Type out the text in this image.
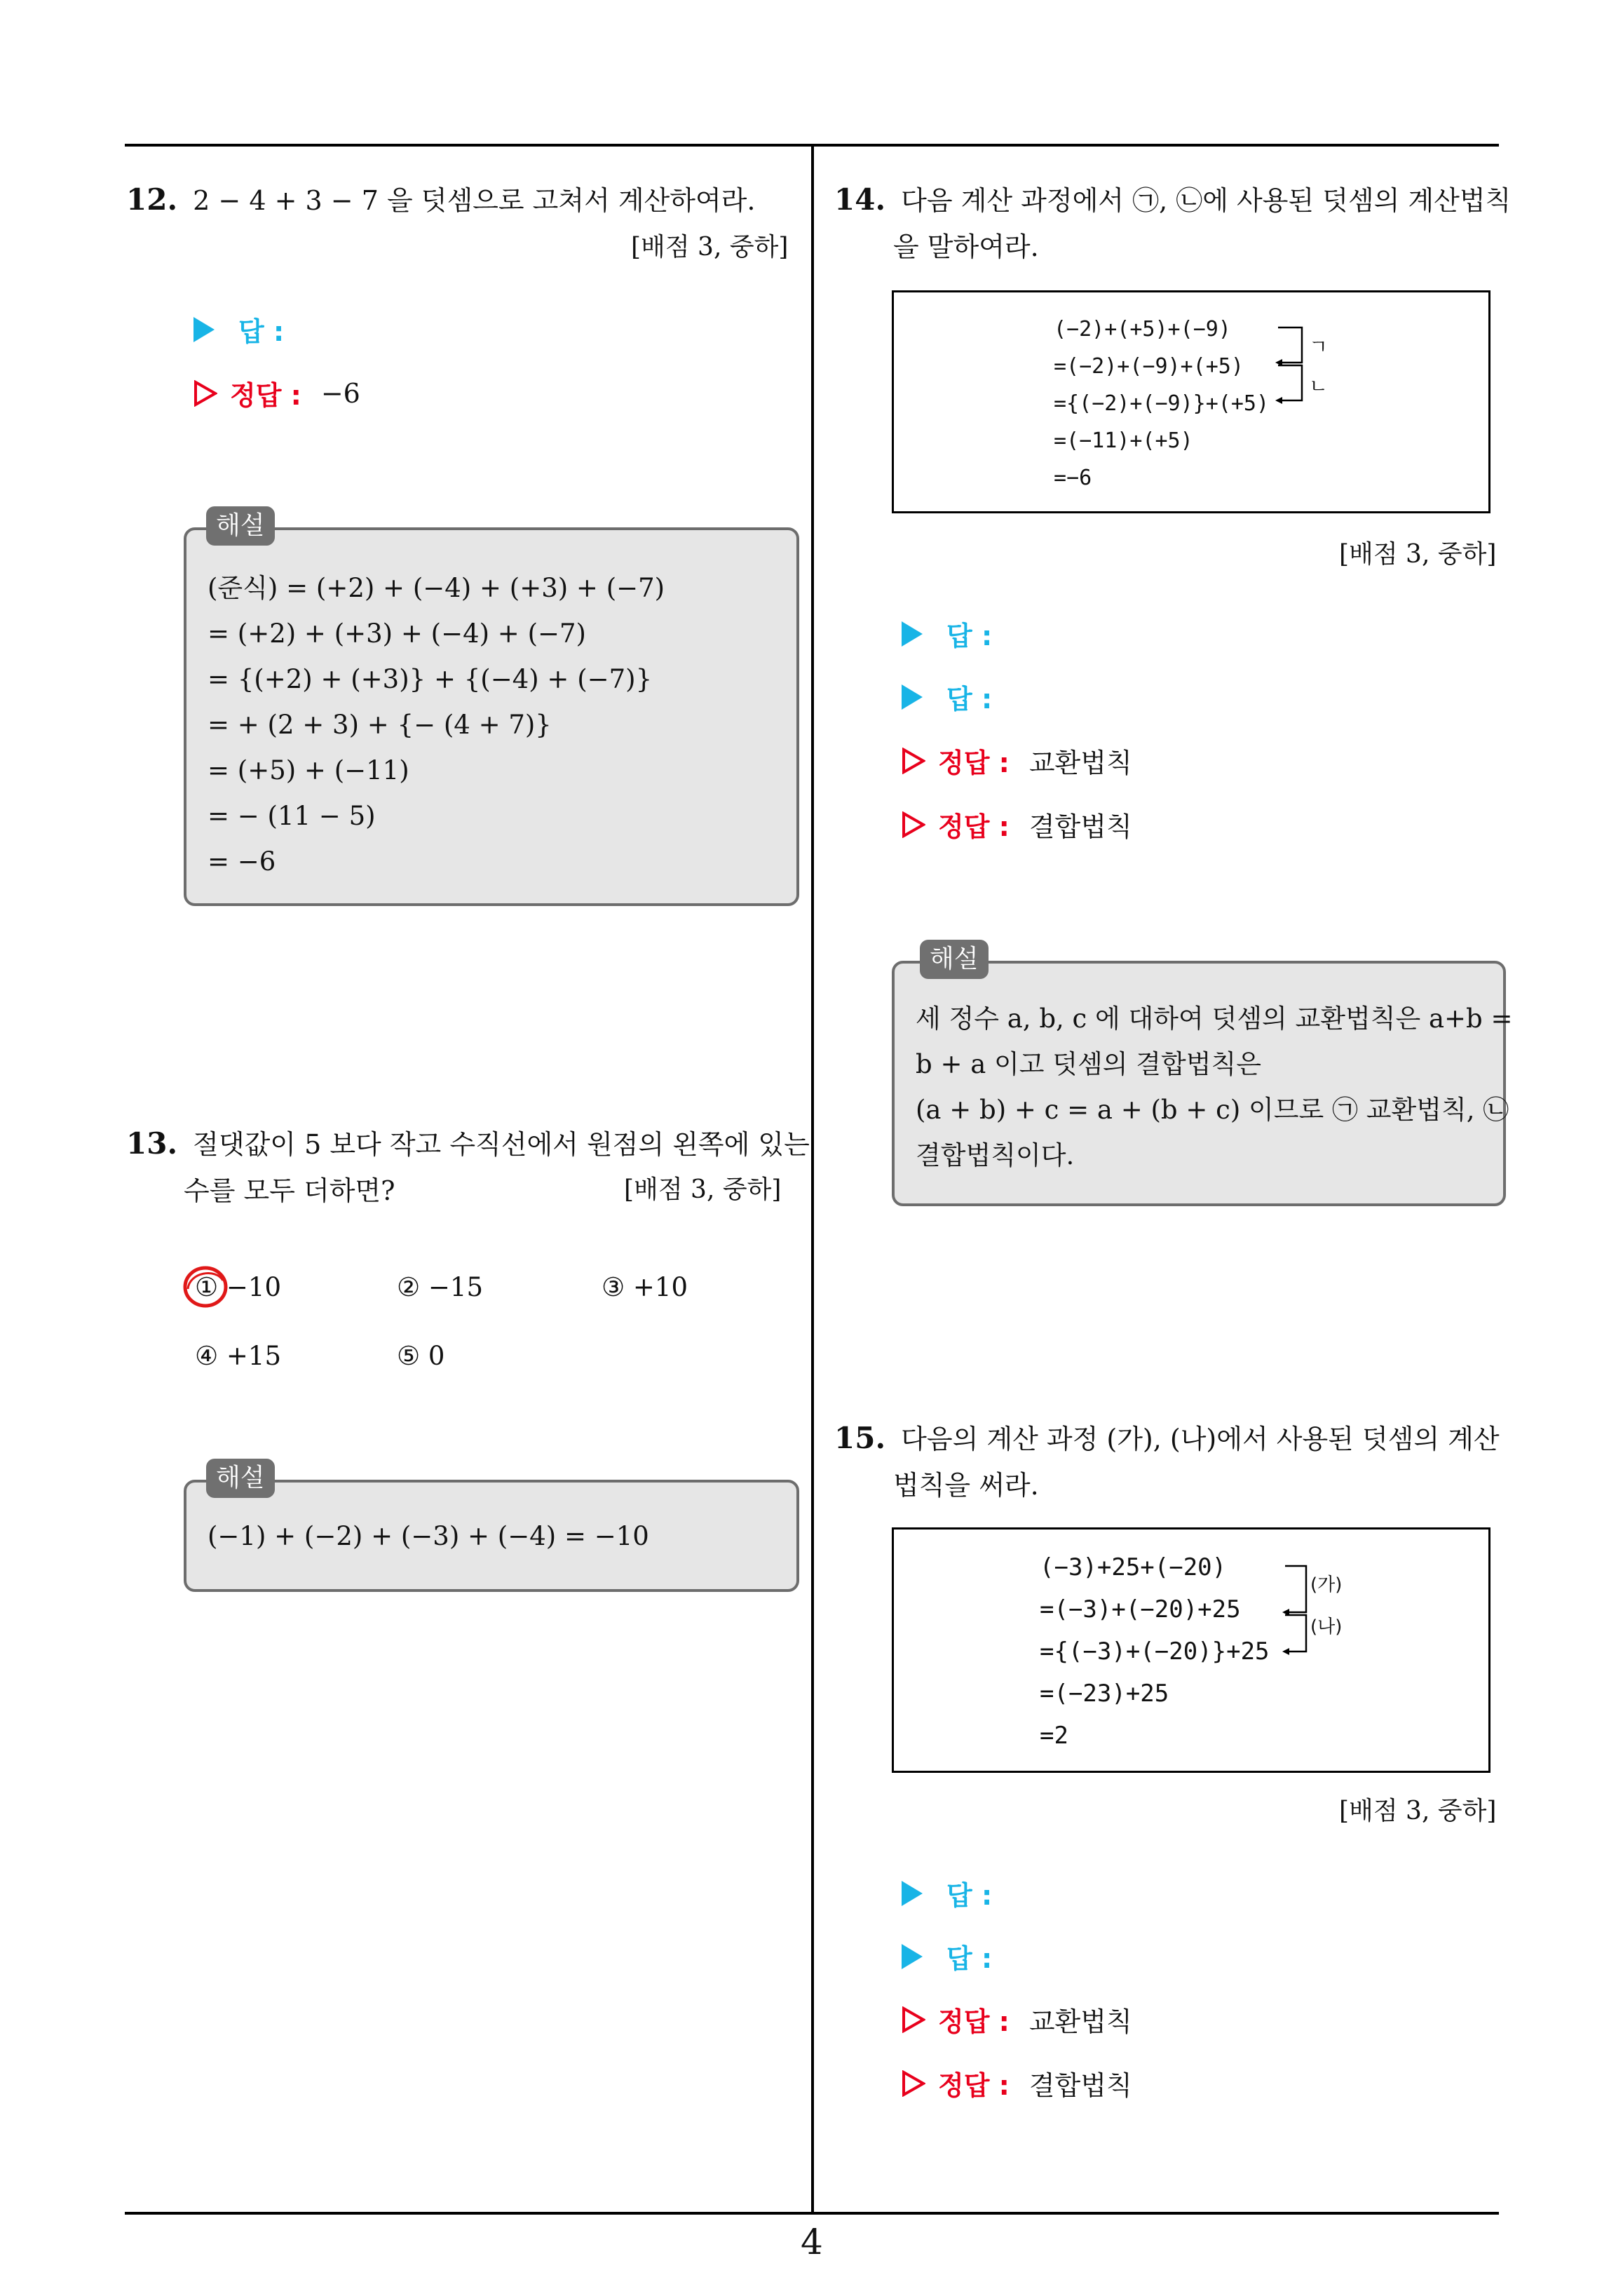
4
12. 2 − 4 + 3 − 7 을 덧셈으로 고쳐서 계산하여라.
[배점 3, 중하]
답 :
정답 : −6
(준식) = (+2) + (−4) + (+3) + (−7)
= (+2) + (+3) + (−4) + (−7)
= {(+2) + (+3)} + {(−4) + (−7)}
= + (2 + 3) + {− (4 + 7)}
= (+5) + (−11)
= − (11 − 5)
= −6
해설
13. 절댓값이 5 보다 작고 수직선에서 원점의 왼쪽에 있는
수를 모두 더하면?	[배점 3, 중하]
① −10	② −15	③ +10
④ +15	⑤ 0
(−1) + (−2) + (−3) + (−4) = −10
해설
14. 다음 계산 과정에서 ㉠, ㉡에 사용된 덧셈의 계산법칙
을 말하여라.
(−2)+(+5)+(−9)
=(−2)+(−9)+(+5)
={(−2)+(−9)}+(+5)
=(−11)+(+5)
=−6
ㄱ
ㄴ
[배점 3, 중하]
답 :
답 :
정답 : 교환법칙
정답 : 결합법칙
세 정수 a, b, c 에 대하여 덧셈의 교환법칙은 a+b =
b + a 이고 덧셈의 결합법칙은
(a + b) + c = a + (b + c) 이므로 ㉠ 교환법칙, ㉡
결합법칙이다.
해설
15. 다음의 계산 과정 (가), (나)에서 사용된 덧셈의 계산
법칙을 써라.
(−3)+25+(−20)
=(−3)+(−20)+25
={(−3)+(−20)}+25
=(−23)+25
=2
(가)
(나)
[배점 3, 중하]
답 :
답 :
정답 : 교환법칙
정답 : 결합법칙
